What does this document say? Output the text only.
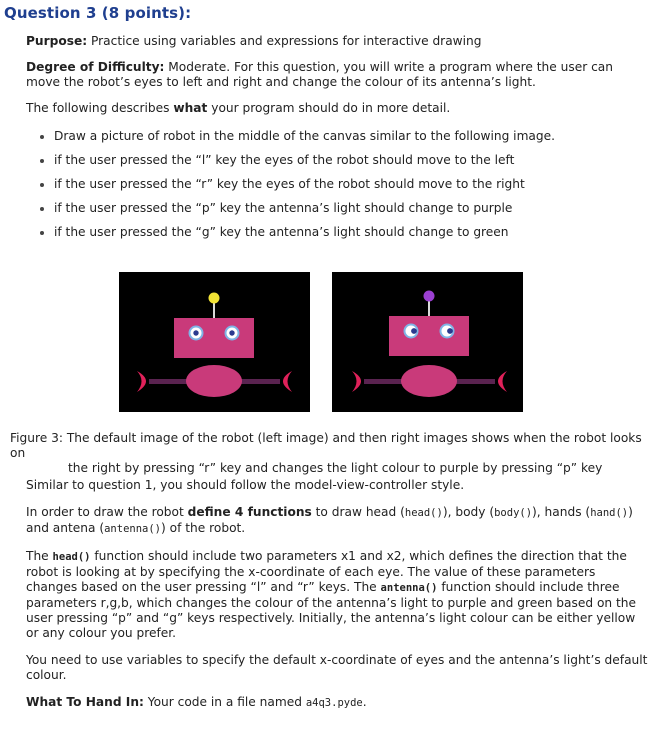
Question 3 (8 points):

Purpose: Practice using variables and expressions for interactive drawing

Degree of Difficulty: Moderate. For this question, you will write a program where the user can move the robot’s eyes to left and right and change the colour of its antenna’s light.

The following describes what your program should do in more detail.

Draw a picture of robot in the middle of the canvas similar to the following image.
if the user pressed the “l” key the eyes of the robot should move to the left
if the user pressed the “r” key the eyes of the robot should move to the right
if the user pressed the “p” key the antenna’s light should change to purple
if the user pressed the “g” key the antenna’s light should change to green
Figure 3: The default image of the robot (left image) and then right images shows when the robot looks on
the right by pressing “r” key and changes the light colour to purple by pressing “p” key

Similar to question 1, you should follow the model-view-controller style.

In order to draw the robot define 4 functions to draw head (head()), body (body()), hands (hand()) and antena (antenna()) of the robot.

The head() function should include two parameters x1 and x2, which defines the direction that the robot is looking at by specifying the x-coordinate of each eye. The value of these parameters changes based on the user pressing “l” and “r” keys. The antenna() function should include three parameters r,g,b, which changes the colour of the antenna’s light to purple and green based on the user pressing “p” and “g” keys respectively. Initially, the antenna’s light colour can be either yellow or any colour you prefer.

You need to use variables to specify the default x-coordinate of eyes and the antenna’s light’s default colour.

What To Hand In: Your code in a file named a4q3.pyde.
